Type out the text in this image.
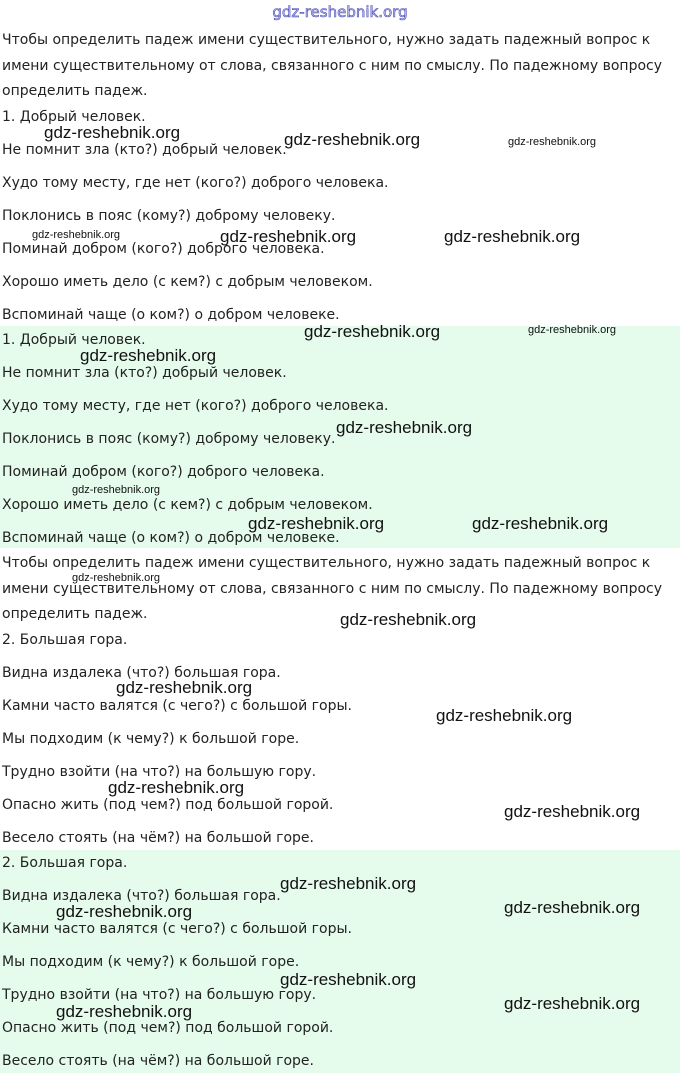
gdz-reshebnik.org
Чтобы определить падеж имени существительного, нужно задать падежный вопрос к
имени существительному от слова, связанного с ним по смыслу. По падежному вопросу
определить падеж.
1. Добрый человек.
Не помнит зла (кто?) добрый человек.
Худо тому месту, где нет (кого?) доброго человека.
Поклонись в пояс (кому?) доброму человеку.
Поминай добром (кого?) доброго человека.
Хорошо иметь дело (с кем?) с добрым человеком.
Вспоминай чаще (о ком?) о добром человеке.
1. Добрый человек.
Не помнит зла (кто?) добрый человек.
Худо тому месту, где нет (кого?) доброго человека.
Поклонись в пояс (кому?) доброму человеку.
Поминай добром (кого?) доброго человека.
Хорошо иметь дело (с кем?) с добрым человеком.
Вспоминай чаще (о ком?) о добром человеке.
Чтобы определить падеж имени существительного, нужно задать падежный вопрос к
имени существительному от слова, связанного с ним по смыслу. По падежному вопросу
определить падеж.
2. Большая гора.
Видна издалека (что?) большая гора.
Камни часто валятся (с чего?) с большой горы.
Мы подходим (к чему?) к большой горе.
Трудно взойти (на что?) на большую гору.
Опасно жить (под чем?) под большой горой.
Весело стоять (на чём?) на большой горе.
2. Большая гора.
Видна издалека (что?) большая гора.
Камни часто валятся (с чего?) с большой горы.
Мы подходим (к чему?) к большой горе.
Трудно взойти (на что?) на большую гору.
Опасно жить (под чем?) под большой горой.
Весело стоять (на чём?) на большой горе.
gdz-reshebnik.org	gdz-reshebnik.org	gdz-reshebnik.org
gdz-reshebnik.org	gdz-reshebnik.org	gdz-reshebnik.org
gdz-reshebnik.org	gdz-reshebnik.org
gdz-reshebnik.org
gdz-reshebnik.org
gdz-reshebnik.org
gdz-reshebnik.org	gdz-reshebnik.org
gdz-reshebnik.org
gdz-reshebnik.org
gdz-reshebnik.org
gdz-reshebnik.org
gdz-reshebnik.org
gdz-reshebnik.org
gdz-reshebnik.org
gdz-reshebnik.org	gdz-reshebnik.org
gdz-reshebnik.org
gdz-reshebnik.org
gdz-reshebnik.org
